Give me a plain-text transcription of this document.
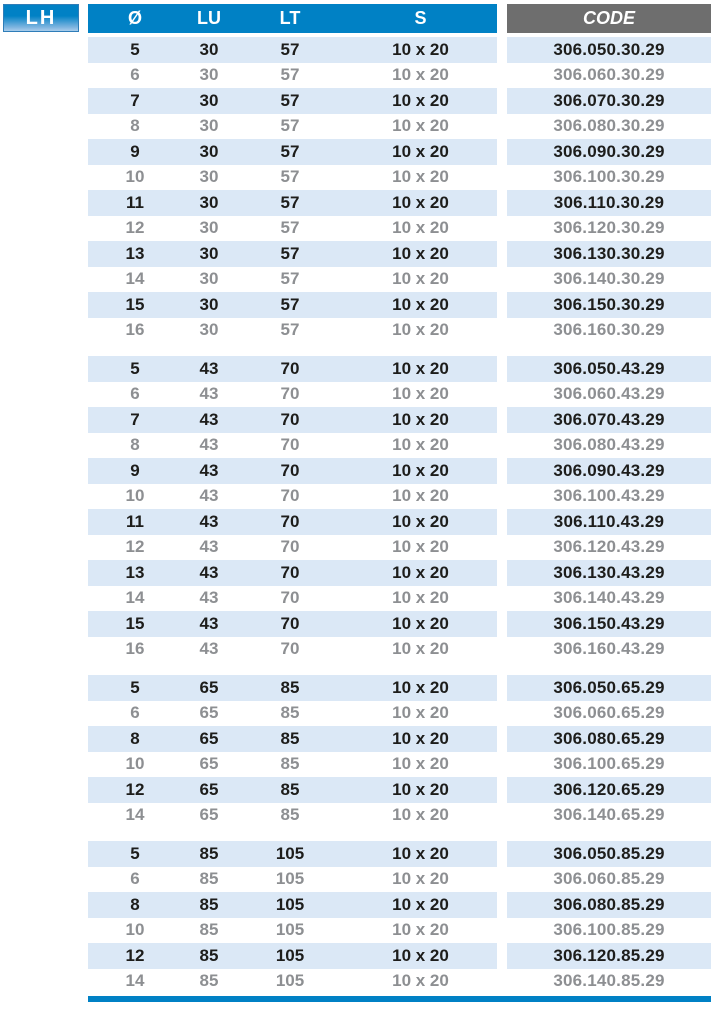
LH	Ø	LU	LT	S	CODE
5	30	57	10 x 20	306.050.30.29
6	30	57	10 x 20	306.060.30.29
7	30	57	10 x 20	306.070.30.29
8	30	57	10 x 20	306.080.30.29
9	30	57	10 x 20	306.090.30.29
10	30	57	10 x 20	306.100.30.29
11	30	57	10 x 20	306.110.30.29
12	30	57	10 x 20	306.120.30.29
13	30	57	10 x 20	306.130.30.29
14	30	57	10 x 20	306.140.30.29
15	30	57	10 x 20	306.150.30.29
16	30	57	10 x 20	306.160.30.29
5	43	70	10 x 20	306.050.43.29
6	43	70	10 x 20	306.060.43.29
7	43	70	10 x 20	306.070.43.29
8	43	70	10 x 20	306.080.43.29
9	43	70	10 x 20	306.090.43.29
10	43	70	10 x 20	306.100.43.29
11	43	70	10 x 20	306.110.43.29
12	43	70	10 x 20	306.120.43.29
13	43	70	10 x 20	306.130.43.29
14	43	70	10 x 20	306.140.43.29
15	43	70	10 x 20	306.150.43.29
16	43	70	10 x 20	306.160.43.29
5	65	85	10 x 20	306.050.65.29
6	65	85	10 x 20	306.060.65.29
8	65	85	10 x 20	306.080.65.29
10	65	85	10 x 20	306.100.65.29
12	65	85	10 x 20	306.120.65.29
14	65	85	10 x 20	306.140.65.29
5	85	105	10 x 20	306.050.85.29
6	85	105	10 x 20	306.060.85.29
8	85	105	10 x 20	306.080.85.29
10	85	105	10 x 20	306.100.85.29
12	85	105	10 x 20	306.120.85.29
14	85	105	10 x 20	306.140.85.29
